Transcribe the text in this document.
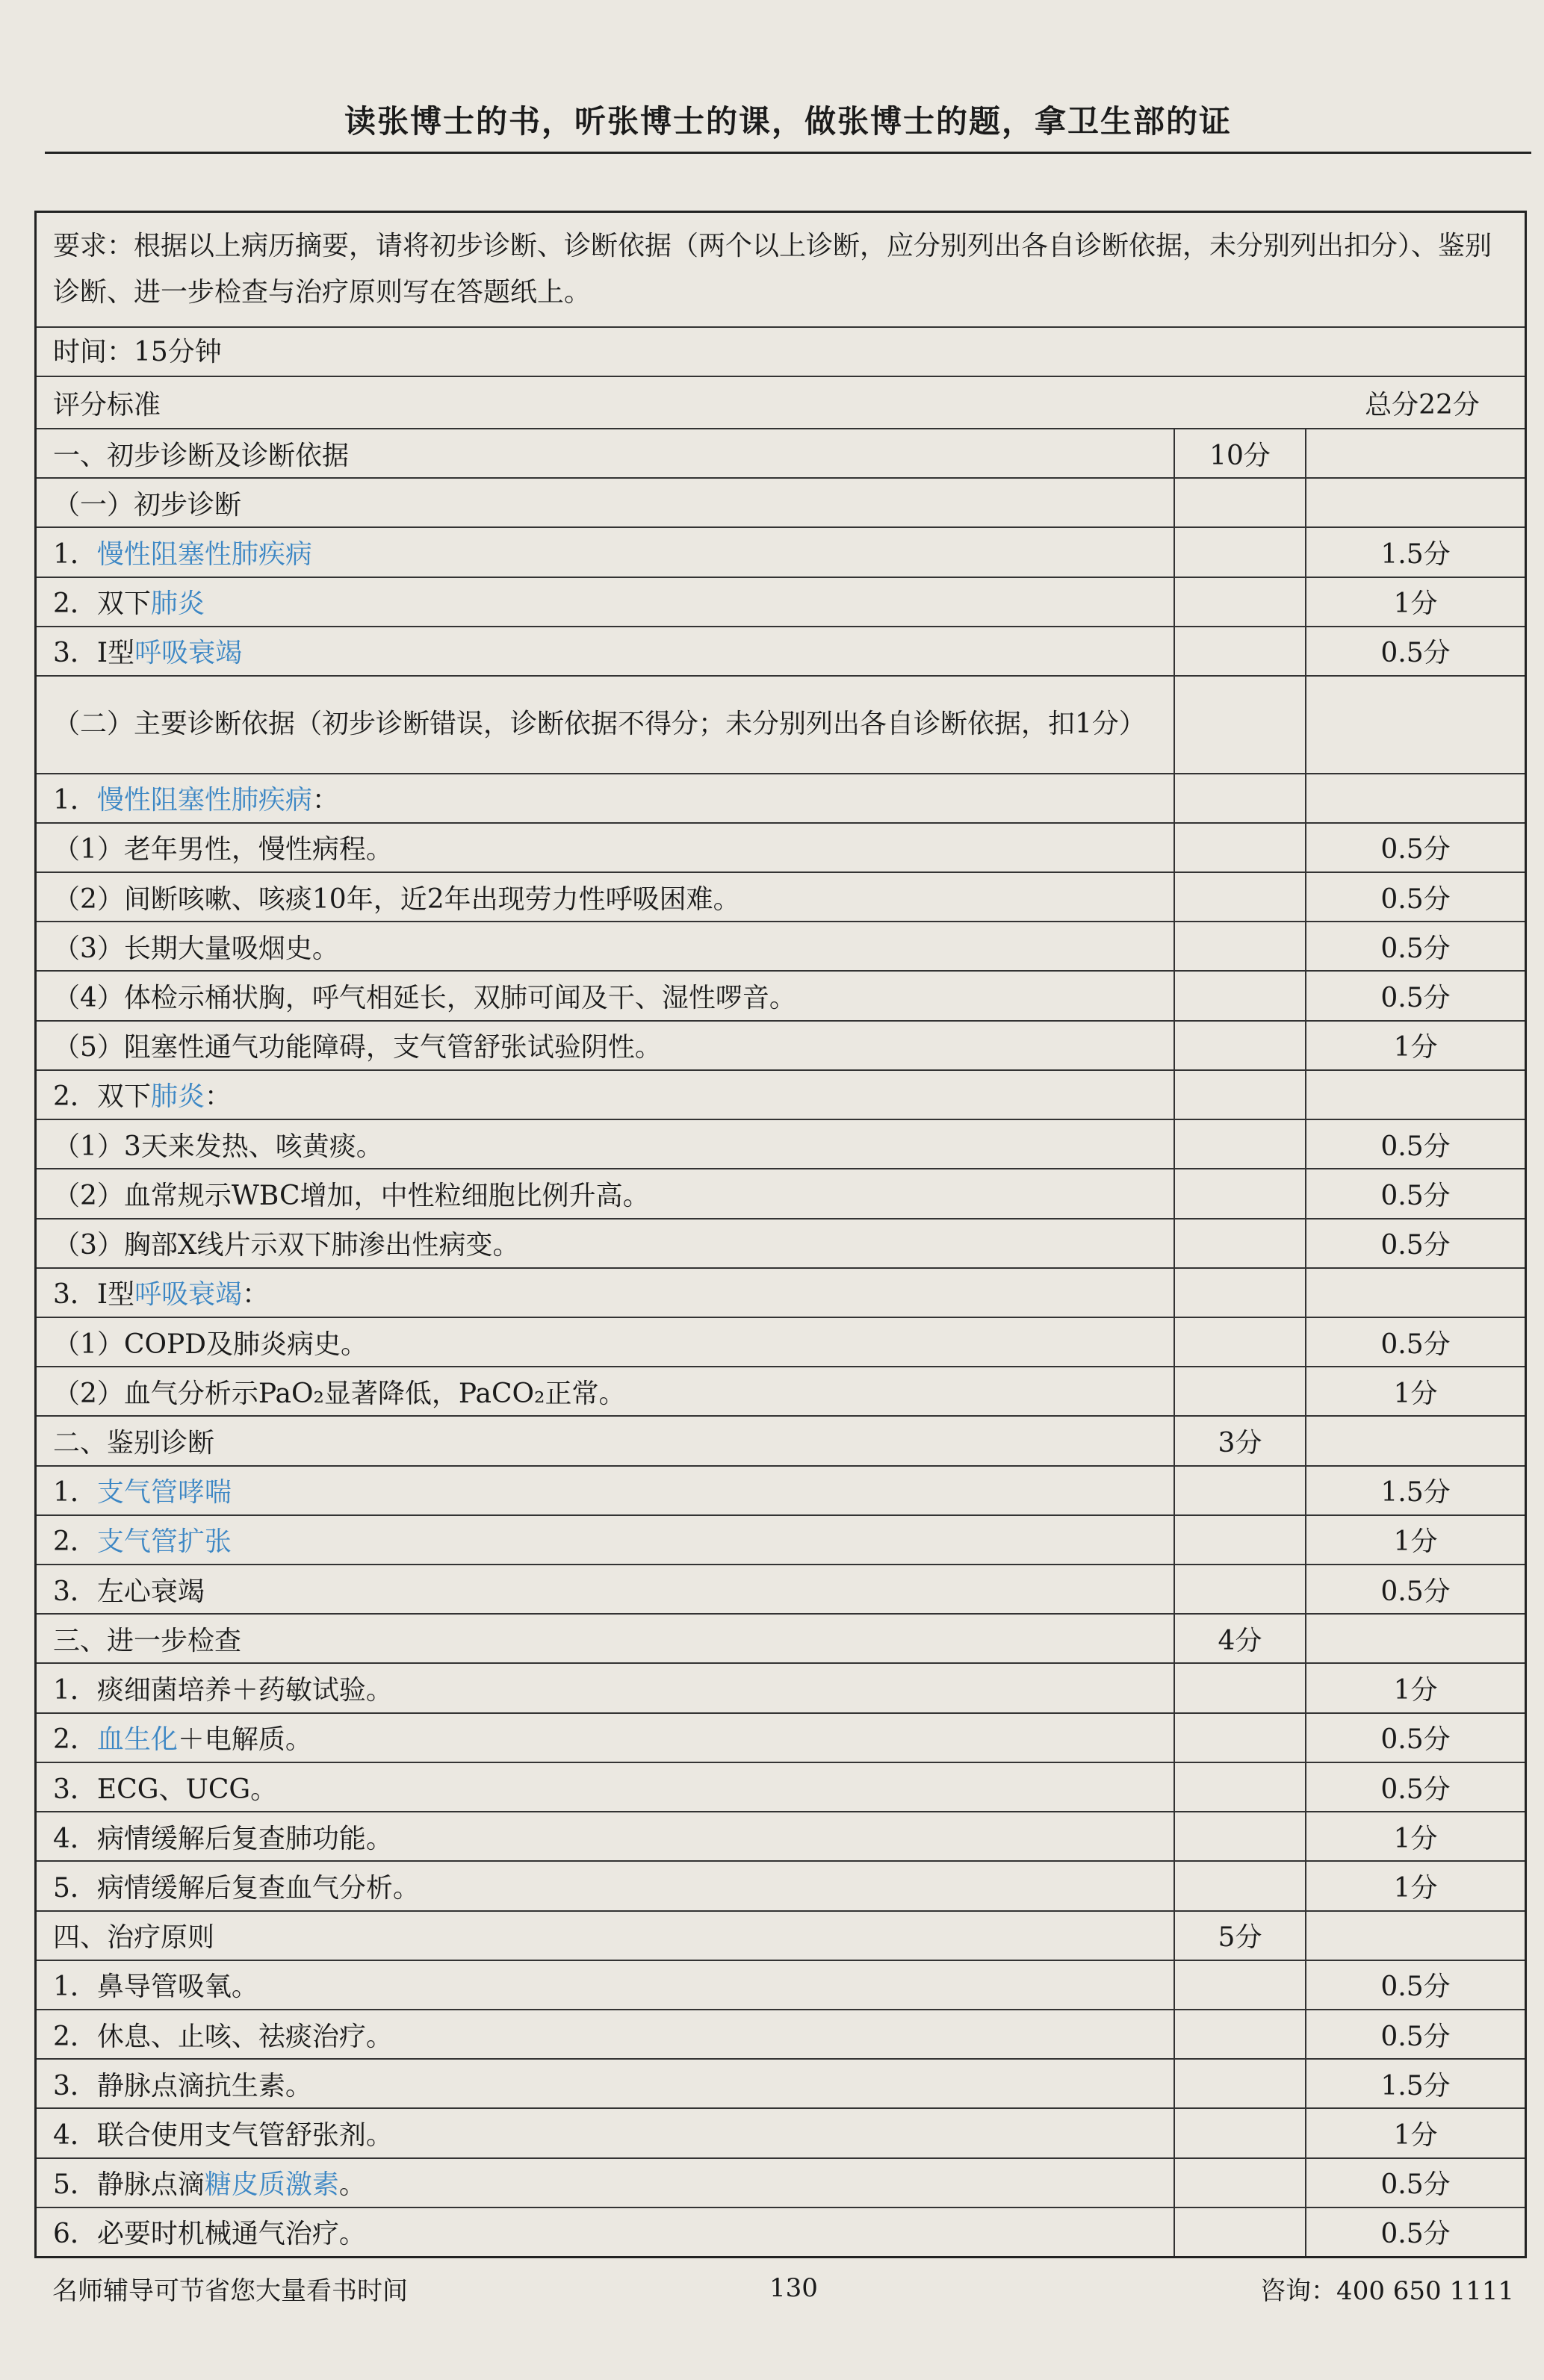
读张博士的书，听张博士的课，做张博士的题，拿卫生部的证
要求：根据以上病历摘要，请将初步诊断、诊断依据（两个以上诊断，应分别列出各自诊断依据，未分别列出扣分）、鉴别诊断、进一步检查与治疗原则写在答题纸上。
时间：15分钟
评分标准	总分22分
一、初步诊断及诊断依据	10分
（一）初步诊断
1． 慢性阻塞性肺疾病	1.5分
2．双下 肺炎	1分
3．Ⅰ型 呼吸衰竭	0.5分
（二）主要诊断依据（初步诊断错误，诊断依据不得分；未分别列出各自诊断依据，扣1分）
1． 慢性阻塞性肺疾病 ：
（1）老年男性，慢性病程。	0.5分
（2）间断咳嗽、咳痰10年，近2年出现劳力性呼吸困难。	0.5分
（3）长期大量吸烟史。	0.5分
（4）体检示桶状胸，呼气相延长，双肺可闻及干、湿性啰音。	0.5分
（5）阻塞性通气功能障碍，支气管舒张试验阴性。	1分
2．双下 肺炎 ：
（1）3天来发热、咳黄痰。	0.5分
（2）血常规示WBC增加，中性粒细胞比例升高。	0.5分
（3）胸部X线片示双下肺渗出性病变。	0.5分
3．Ⅰ型 呼吸衰竭 ：
（1）COPD及肺炎病史。	0.5分
（2）血气分析示PaO₂显著降低，PaCO₂正常。	1分
二、鉴别诊断	3分
1． 支气管哮喘	1.5分
2． 支气管扩张	1分
3．左心衰竭	0.5分
三、进一步检查	4分
1．痰细菌培养＋药敏试验。	1分
2． 血生化 ＋电解质。	0.5分
3．ECG、UCG。	0.5分
4．病情缓解后复查肺功能。	1分
5．病情缓解后复查血气分析。	1分
四、治疗原则	5分
1．鼻导管吸氧。	0.5分
2．休息、止咳、祛痰治疗。	0.5分
3．静脉点滴抗生素。	1.5分
4．联合使用支气管舒张剂。	1分
5．静脉点滴 糖皮质激素 。	0.5分
6．必要时机械通气治疗。	0.5分
名师辅导可节省您大量看书时间	130	咨询：400 650 1111
